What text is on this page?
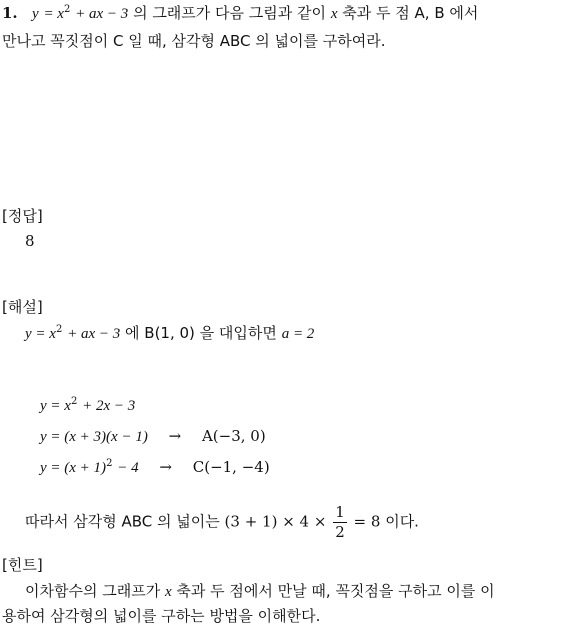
1. $y = x^2$ + ax − 3 의 그래프가 다음 그림과 같이 x 축과 두 점 A, B 에서
만나고 꼭짓점이 C 일 때, 삼각형 ABC 의 넓이를 구하여라.
[정답]
8
[해설]
$y = x^2$ + ax − 3 에 B(1, 0) 을 대입하면 a = 2
$y = x^2 + 2x - 3$
y = (x + 3)(x − 1) → A(−3, 0)
$y = (x + 1)^2 - 4 \to C(-1$, −4)
따라서 삼각형 ABC 의 넓이는 $(3 + 1) \times 4 \times \frac{1}{2} = 8$ 이다.
[힌트]
이차함수의 그래프가 x 축과 두 점에서 만날 때, 꼭짓점을 구하고 이를 이
용하여 삼각형의 넓이를 구하는 방법을 이해한다.
